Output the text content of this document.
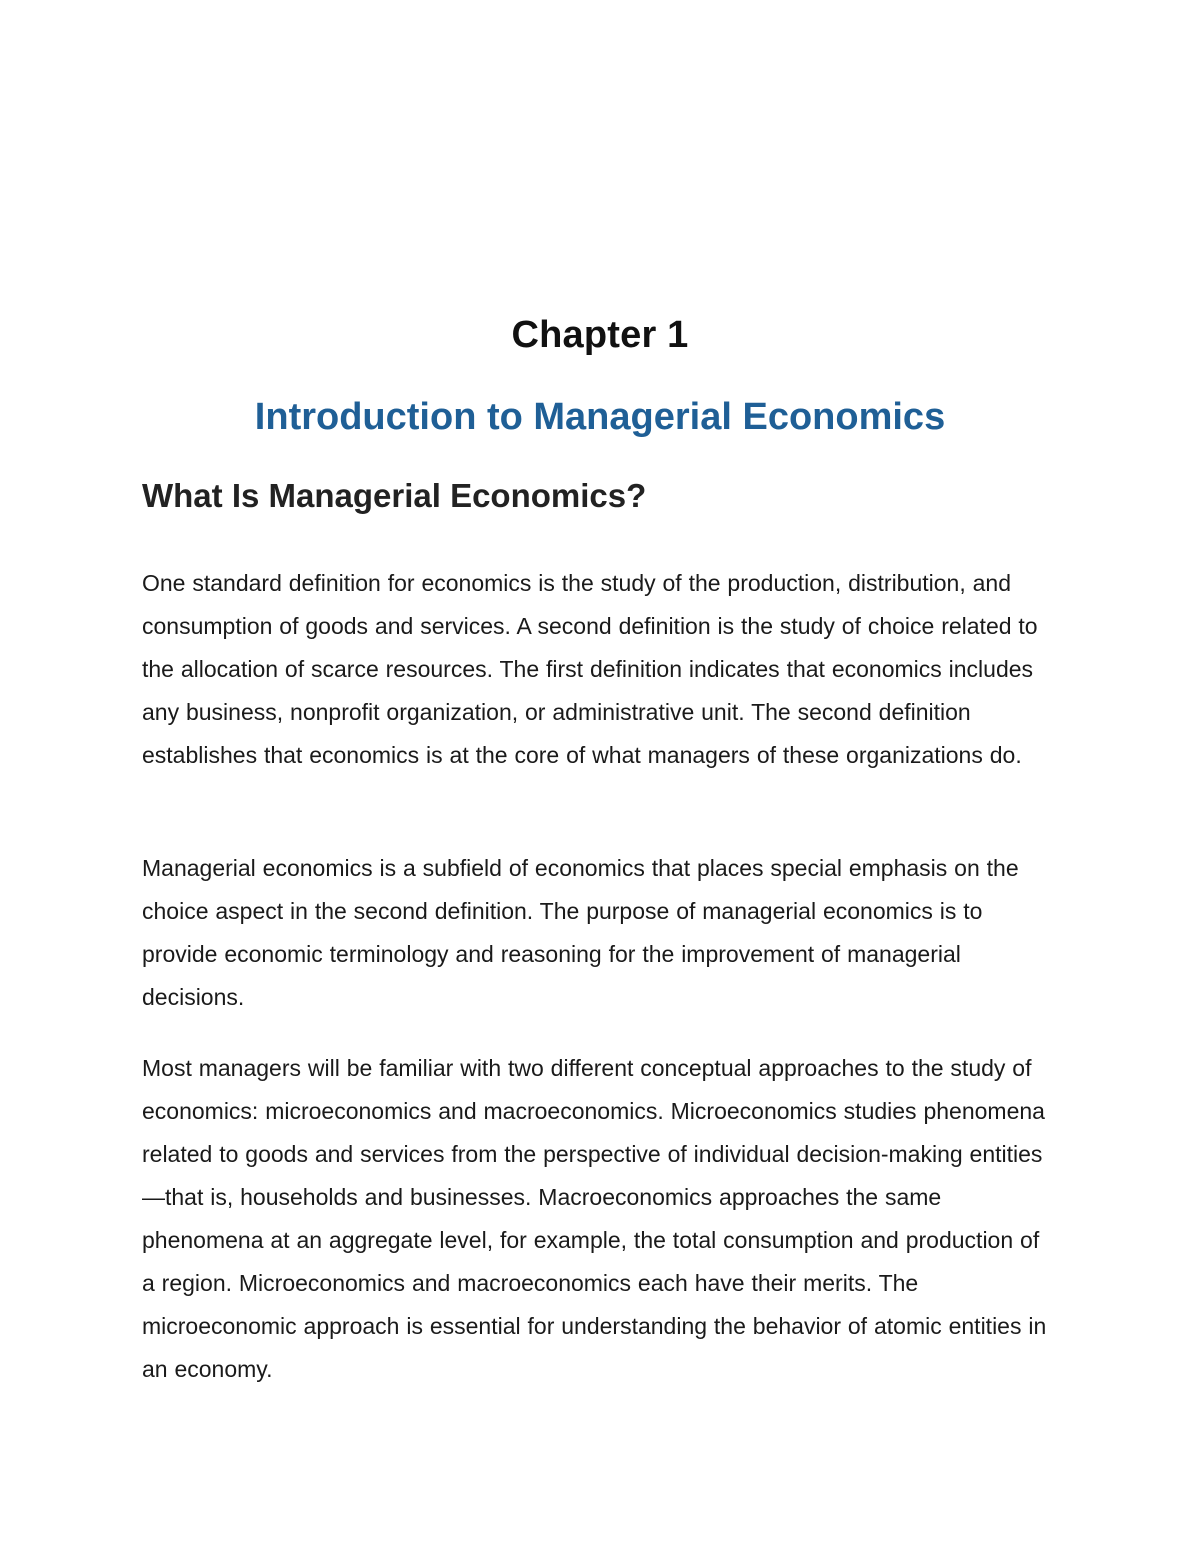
Chapter 1
Introduction to Managerial Economics
What Is Managerial Economics?

One standard definition for economics is the study of the production, distribution, and consumption of goods and services. A second definition is the study of choice related to the allocation of scarce resources. The first definition indicates that economics includes any business, nonprofit organization, or administrative unit. The second definition establishes that economics is at the core of what managers of these organizations do.

Managerial economics is a subfield of economics that places special emphasis on the choice aspect in the second definition. The purpose of managerial economics is to provide economic terminology and reasoning for the improvement of managerial decisions.

Most managers will be familiar with two different conceptual approaches to the study of economics: microeconomics and macroeconomics. Microeconomics studies phenomena related to goods and services from the perspective of individual decision-making entities—that is, households and businesses. Macroeconomics approaches the same phenomena at an aggregate level, for example, the total consumption and production of a region. Microeconomics and macroeconomics each have their merits. The microeconomic approach is essential for understanding the behavior of atomic entities in an economy.
